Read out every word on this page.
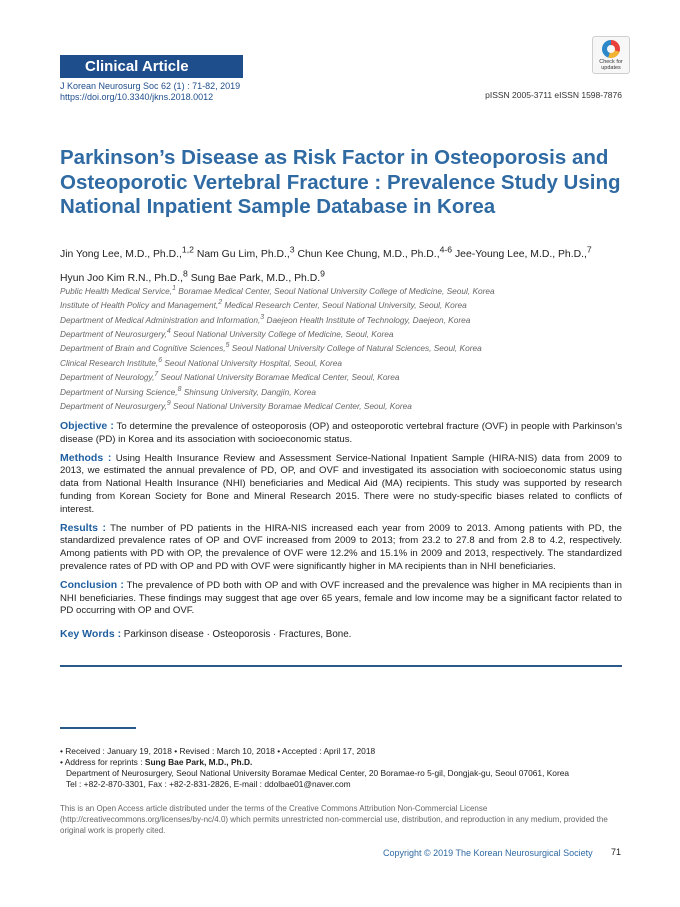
Clinical Article
J Korean Neurosurg Soc 62 (1) : 71-82, 2019
https://doi.org/10.3340/jkns.2018.0012	pISSN 2005-3711 eISSN 1598-7876
Check for updates
Parkinson’s Disease as Risk Factor in Osteoporosis and Osteoporotic Vertebral Fracture : Prevalence Study Using National Inpatient Sample Database in Korea
Jin Yong Lee, M.D., Ph.D.,$^{1,2}$ Nam Gu Lim, Ph.D.,$^3$ Chun Kee Chung, M.D., Ph.D.,$^{4-6}$ Jee-Young Lee, M.D., Ph.D.,$^7$
Hyun Joo Kim R.N., Ph.D.,$^8$ Sung Bae Park, M.D., Ph.D.$^9$
Public Health Medical Service,$^1$ Boramae Medical Center, Seoul National University College of Medicine, Seoul, Korea
Institute of Health Policy and Management,$^2$ Medical Research Center, Seoul National University, Seoul, Korea
Department of Medical Administration and Information,$^3$ Daejeon Health Institute of Technology, Daejeon, Korea
Department of Neurosurgery,$^4$ Seoul National University College of Medicine, Seoul, Korea
Department of Brain and Cognitive Sciences,$^5$ Seoul National University College of Natural Sciences, Seoul, Korea
Clinical Research Institute,$^6$ Seoul National University Hospital, Seoul, Korea
Department of Neurology,$^7$ Seoul National University Boramae Medical Center, Seoul, Korea
Department of Nursing Science,$^8$ Shinsung University, Dangjin, Korea
Department of Neurosurgery,$^9$ Seoul National University Boramae Medical Center, Seoul, Korea

Objective : To determine the prevalence of osteoporosis (OP) and osteoporotic vertebral fracture (OVF) in people with Parkinson’s disease (PD) in Korea and its association with socioeconomic status.

Methods : Using Health Insurance Review and Assessment Service-National Inpatient Sample (HIRA-NIS) data from 2009 to 2013, we estimated the annual prevalence of PD, OP, and OVF and investigated its association with socioeconomic status using data from National Health Insurance (NHI) beneficiaries and Medical Aid (MA) recipients. This study was supported by research funding from Korean Society for Bone and Mineral Research 2015. There were no study-specific biases related to conflicts of interest.

Results : The number of PD patients in the HIRA-NIS increased each year from 2009 to 2013. Among patients with PD, the standardized prevalence rates of OP and OVF increased from 2009 to 2013; from 23.2 to 27.8 and from 2.8 to 4.2, respectively. Among patients with PD with OP, the prevalence of OVF were 12.2% and 15.1% in 2009 and 2013, respectively. The standardized prevalence rates of PD with OP and PD with OVF were significantly higher in MA recipients than in NHI beneficiaries.

Conclusion : The prevalence of PD both with OP and with OVF increased and the prevalence was higher in MA recipients than in NHI beneficiaries. These findings may suggest that age over 65 years, female and low income may be a significant factor related to PD occurring with OP and OVF.

Key Words : Parkinson disease · Osteoporosis · Fractures, Bone.
• Received : January 19, 2018 • Revised : March 10, 2018 • Accepted : April 17, 2018
• Address for reprints : Sung Bae Park, M.D., Ph.D.
Department of Neurosurgery, Seoul National University Boramae Medical Center, 20 Boramae-ro 5-gil, Dongjak-gu, Seoul 07061, Korea
Tel : +82-2-870-3301, Fax : +82-2-831-2826, E-mail : ddolbae01@naver.com
This is an Open Access article distributed under the terms of the Creative Commons Attribution Non-Commercial License (http://creativecommons.org/licenses/by-nc/4.0) which permits unrestricted non-commercial use, distribution, and reproduction in any medium, provided the original work is properly cited.
Copyright © 2019 The Korean Neurosurgical Society 71
